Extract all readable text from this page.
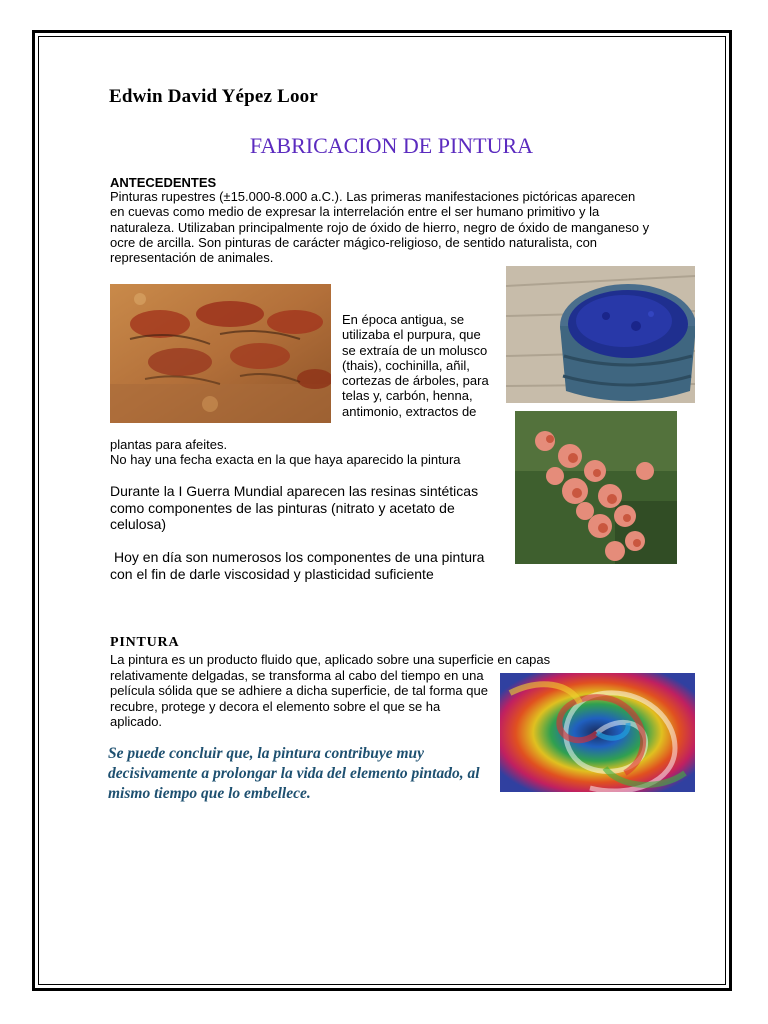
Edwin David Yépez Loor
FABRICACION DE PINTURA
ANTECEDENTES
Pinturas rupestres (±15.000-8.000 a.C.). Las primeras manifestaciones pictóricas aparecen en cuevas como medio de expresar la interrelación entre el ser humano primitivo y la naturaleza. Utilizaban principalmente rojo de óxido de hierro, negro de óxido de manganeso y ocre de arcilla. Son pinturas de carácter mágico-religioso, de sentido naturalista, con representación de animales.
En época antigua, se utilizaba el purpura, que se extraía de un molusco (thais), cochinilla, añil, cortezas de árboles, para telas y, carbón, henna, antimonio, extractos de
plantas para afeites.
No hay una fecha exacta en la que haya aparecido la pintura
Durante la I Guerra Mundial aparecen las resinas sintéticas como componentes de las pinturas (nitrato y acetato de celulosa)
Hoy en día son numerosos los componentes de una pintura con el fin de darle viscosidad y plasticidad suficiente
PINTURA
La pintura es un producto fluido que, aplicado sobre una superficie en capas
relativamente delgadas, se transforma al cabo del tiempo en una película sólida que se adhiere a dicha superficie, de tal forma que recubre, protege y decora el elemento sobre el que se ha aplicado.
Se puede concluir que, la pintura contribuye muy decisivamente a prolongar la vida del elemento pintado, al mismo tiempo que lo embellece.
